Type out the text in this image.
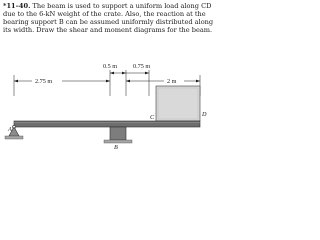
*11–40. The beam is used to support a uniform load along CD due to the 6-kN weight of the crate. Also, the reaction at the bearing support B can be assumed uniformly distributed along its width. Draw the shear and moment diagrams for the beam.

0.5 m	0.75 m
2.75 m	2 m
A
B
C	D
